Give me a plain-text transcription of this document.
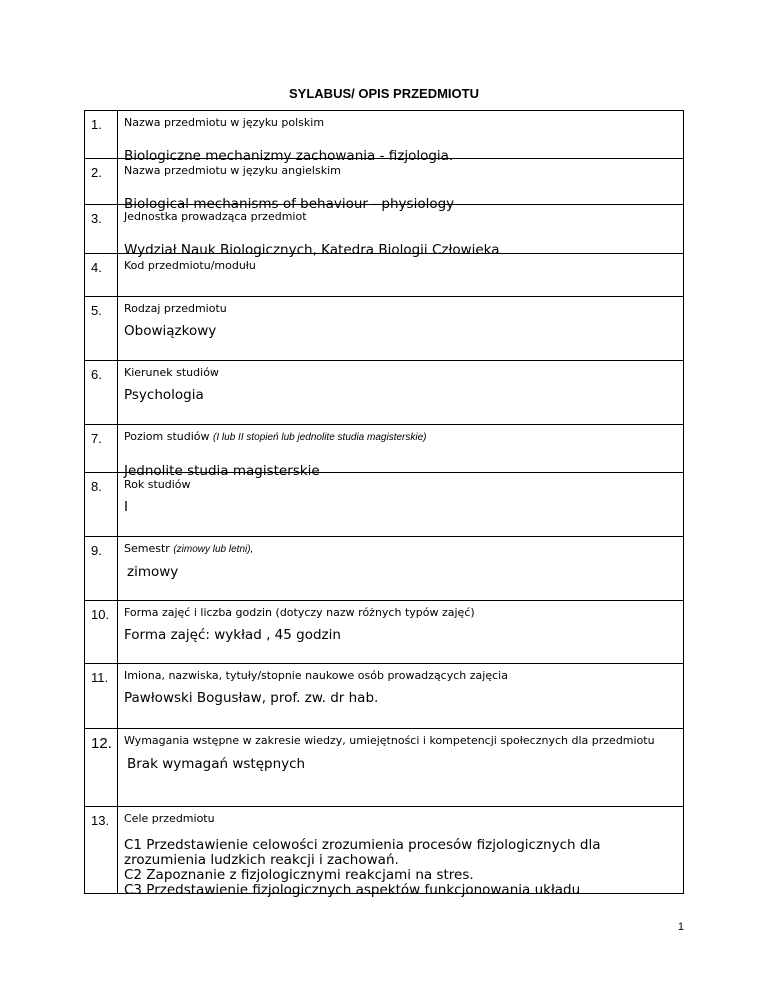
SYLABUS/ OPIS PRZEDMIOTU
1.	Nazwa przedmiotu w języku polskim
Biologiczne mechanizmy zachowania - fizjologia.
2.	Nazwa przedmiotu w języku angielskim
Biological mechanisms of behaviour - physiology
3.	Jednostka prowadząca przedmiot
Wydział Nauk Biologicznych, Katedra Biologii Człowieka
4.	Kod przedmiotu/modułu
5.	Rodzaj przedmiotu
Obowiązkowy
6.	Kierunek studiów
Psychologia
7.	Poziom studiów (I lub II stopień lub jednolite studia magisterskie)
Jednolite studia magisterskie
8.	Rok studiów
I
9.	Semestr (zimowy lub letni),
zimowy
10.	Forma zajęć i liczba godzin (dotyczy nazw różnych typów zajęć)
Forma zajęć: wykład , 45 godzin
11.	Imiona, nazwiska, tytuły/stopnie naukowe osób prowadzących zajęcia
Pawłowski Bogusław, prof. zw. dr hab.
12.	Wymagania wstępne w zakresie wiedzy, umiejętności i kompetencji społecznych dla przedmiotu
Brak wymagań wstępnych
13.	Cele przedmiotu
C1 Przedstawienie celowości zrozumienia procesów fizjologicznych dla zrozumienia ludzkich reakcji i zachowań.
C2 Zapoznanie z fizjologicznymi reakcjami na stres.
C3 Przedstawienie fizjologicznych aspektów funkcjonowania układu
1
